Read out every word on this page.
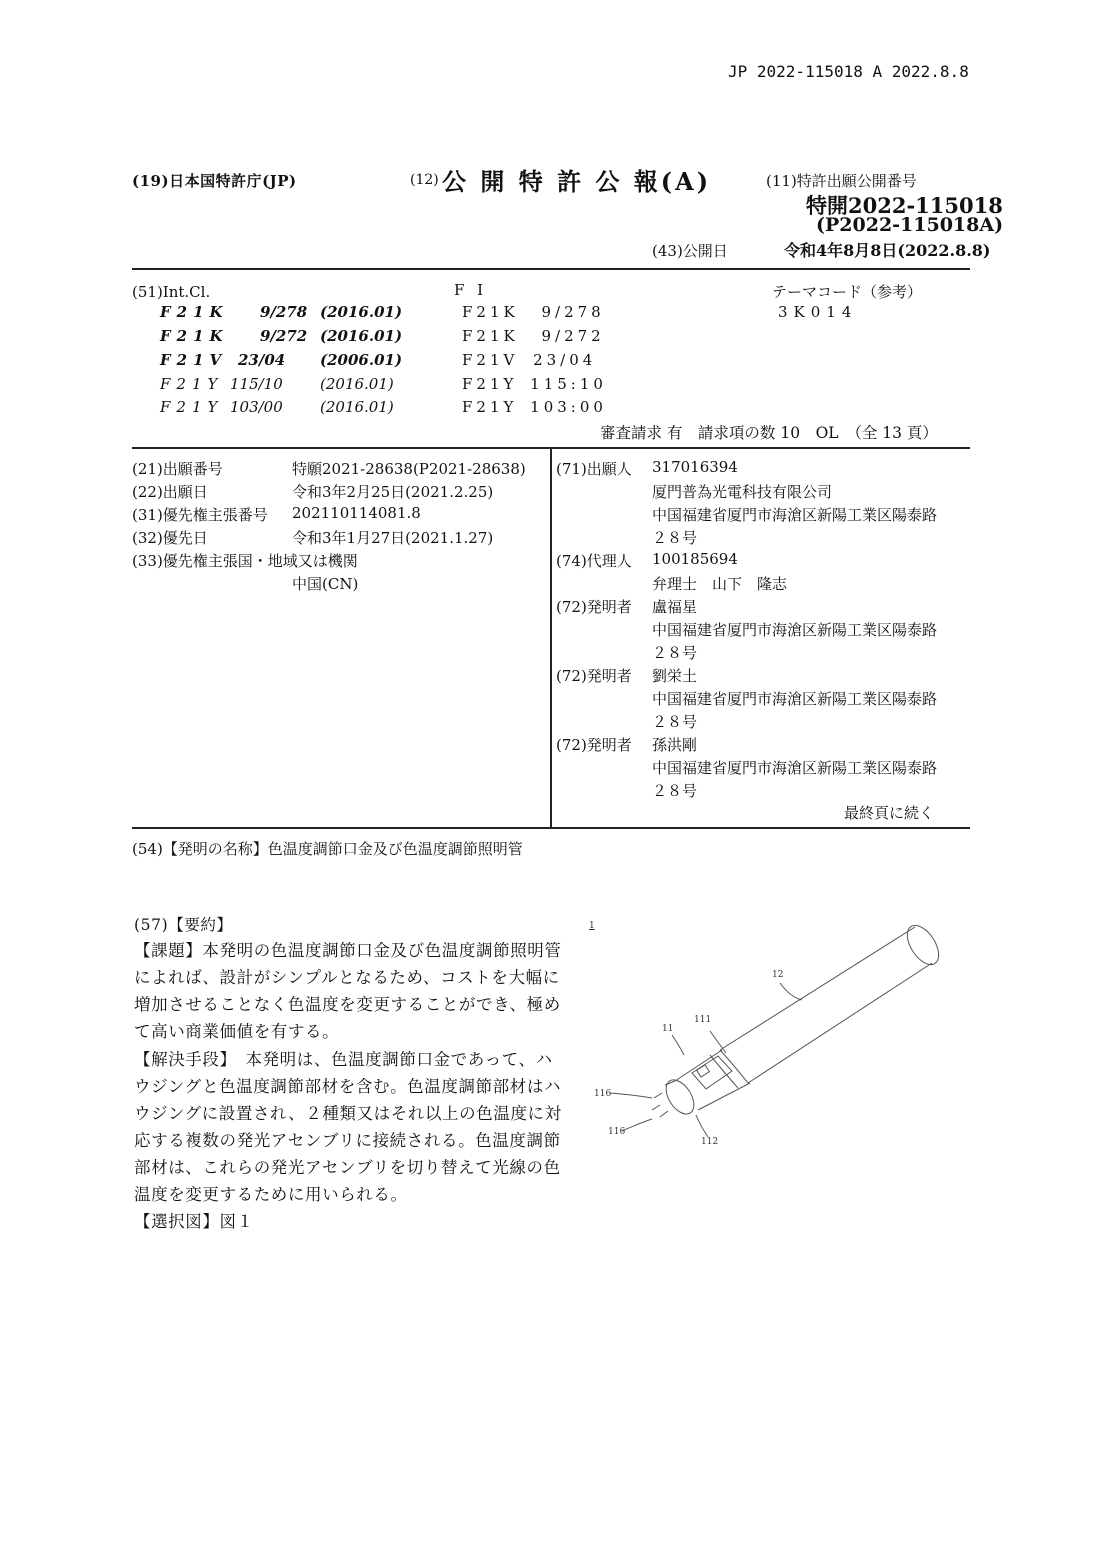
JP 2022-115018 A 2022.8.8
(19)日本国特許庁(JP)	(12) 公 開 特 許 公 報(A)	(11)特許出願公開番号
特開2022-115018
(P2022-115018A)
(43)公開日	令和4年8月8日(2022.8.8)
(51)Int.Cl.	F I	テーマコード（参考）
3K014
F21K 9/278 (2016.01)	F21K 9/278
F21K 9/272 (2016.01)	F21K 9/272
F21V 23/04 (2006.01)	F21V 23/04
F21Y 115/10 (2016.01)	F21Y 115:10
F21Y 103/00 (2016.01)	F21Y 103:00
審査請求 有　請求項の数 10　OL　（全 13 頁）
(21)出願番号	特願2021-28638(P2021-28638)
(22)出願日	令和3年2月25日(2021.2.25)
(31)優先権主張番号 202110114081.8
(32)優先日	令和3年1月27日(2021.1.27)
(33)優先権主張国・地域又は機関
中国(CN)
(71)出願人 317016394
厦門普為光電科技有限公司
中国福建省厦門市海滄区新陽工業区陽泰路
２８号
(74)代理人 100185694
弁理士　山下　隆志
(72)発明者 盧福星
中国福建省厦門市海滄区新陽工業区陽泰路
２８号
(72)発明者 劉栄土
中国福建省厦門市海滄区新陽工業区陽泰路
２８号
(72)発明者 孫洪剛
中国福建省厦門市海滄区新陽工業区陽泰路
２８号
最終頁に続く
(54)【発明の名称】色温度調節口金及び色温度調節照明管
(57)【要約】
【課題】本発明の色温度調節口金及び色温度調節照明管
によれば、設計がシンプルとなるため、コストを大幅に
増加させることなく色温度を変更することができ、極め
て高い商業価値を有する。
【解決手段】　本発明は、色温度調節口金であって、ハ
ウジングと色温度調節部材を含む。色温度調節部材はハ
ウジングに設置され、２種類又はそれ以上の色温度に対
応する複数の発光アセンブリに接続される。色温度調節
部材は、これらの発光アセンブリを切り替えて光線の色
温度を変更するために用いられる。
【選択図】図１
1
12
111
11
116
116
112
